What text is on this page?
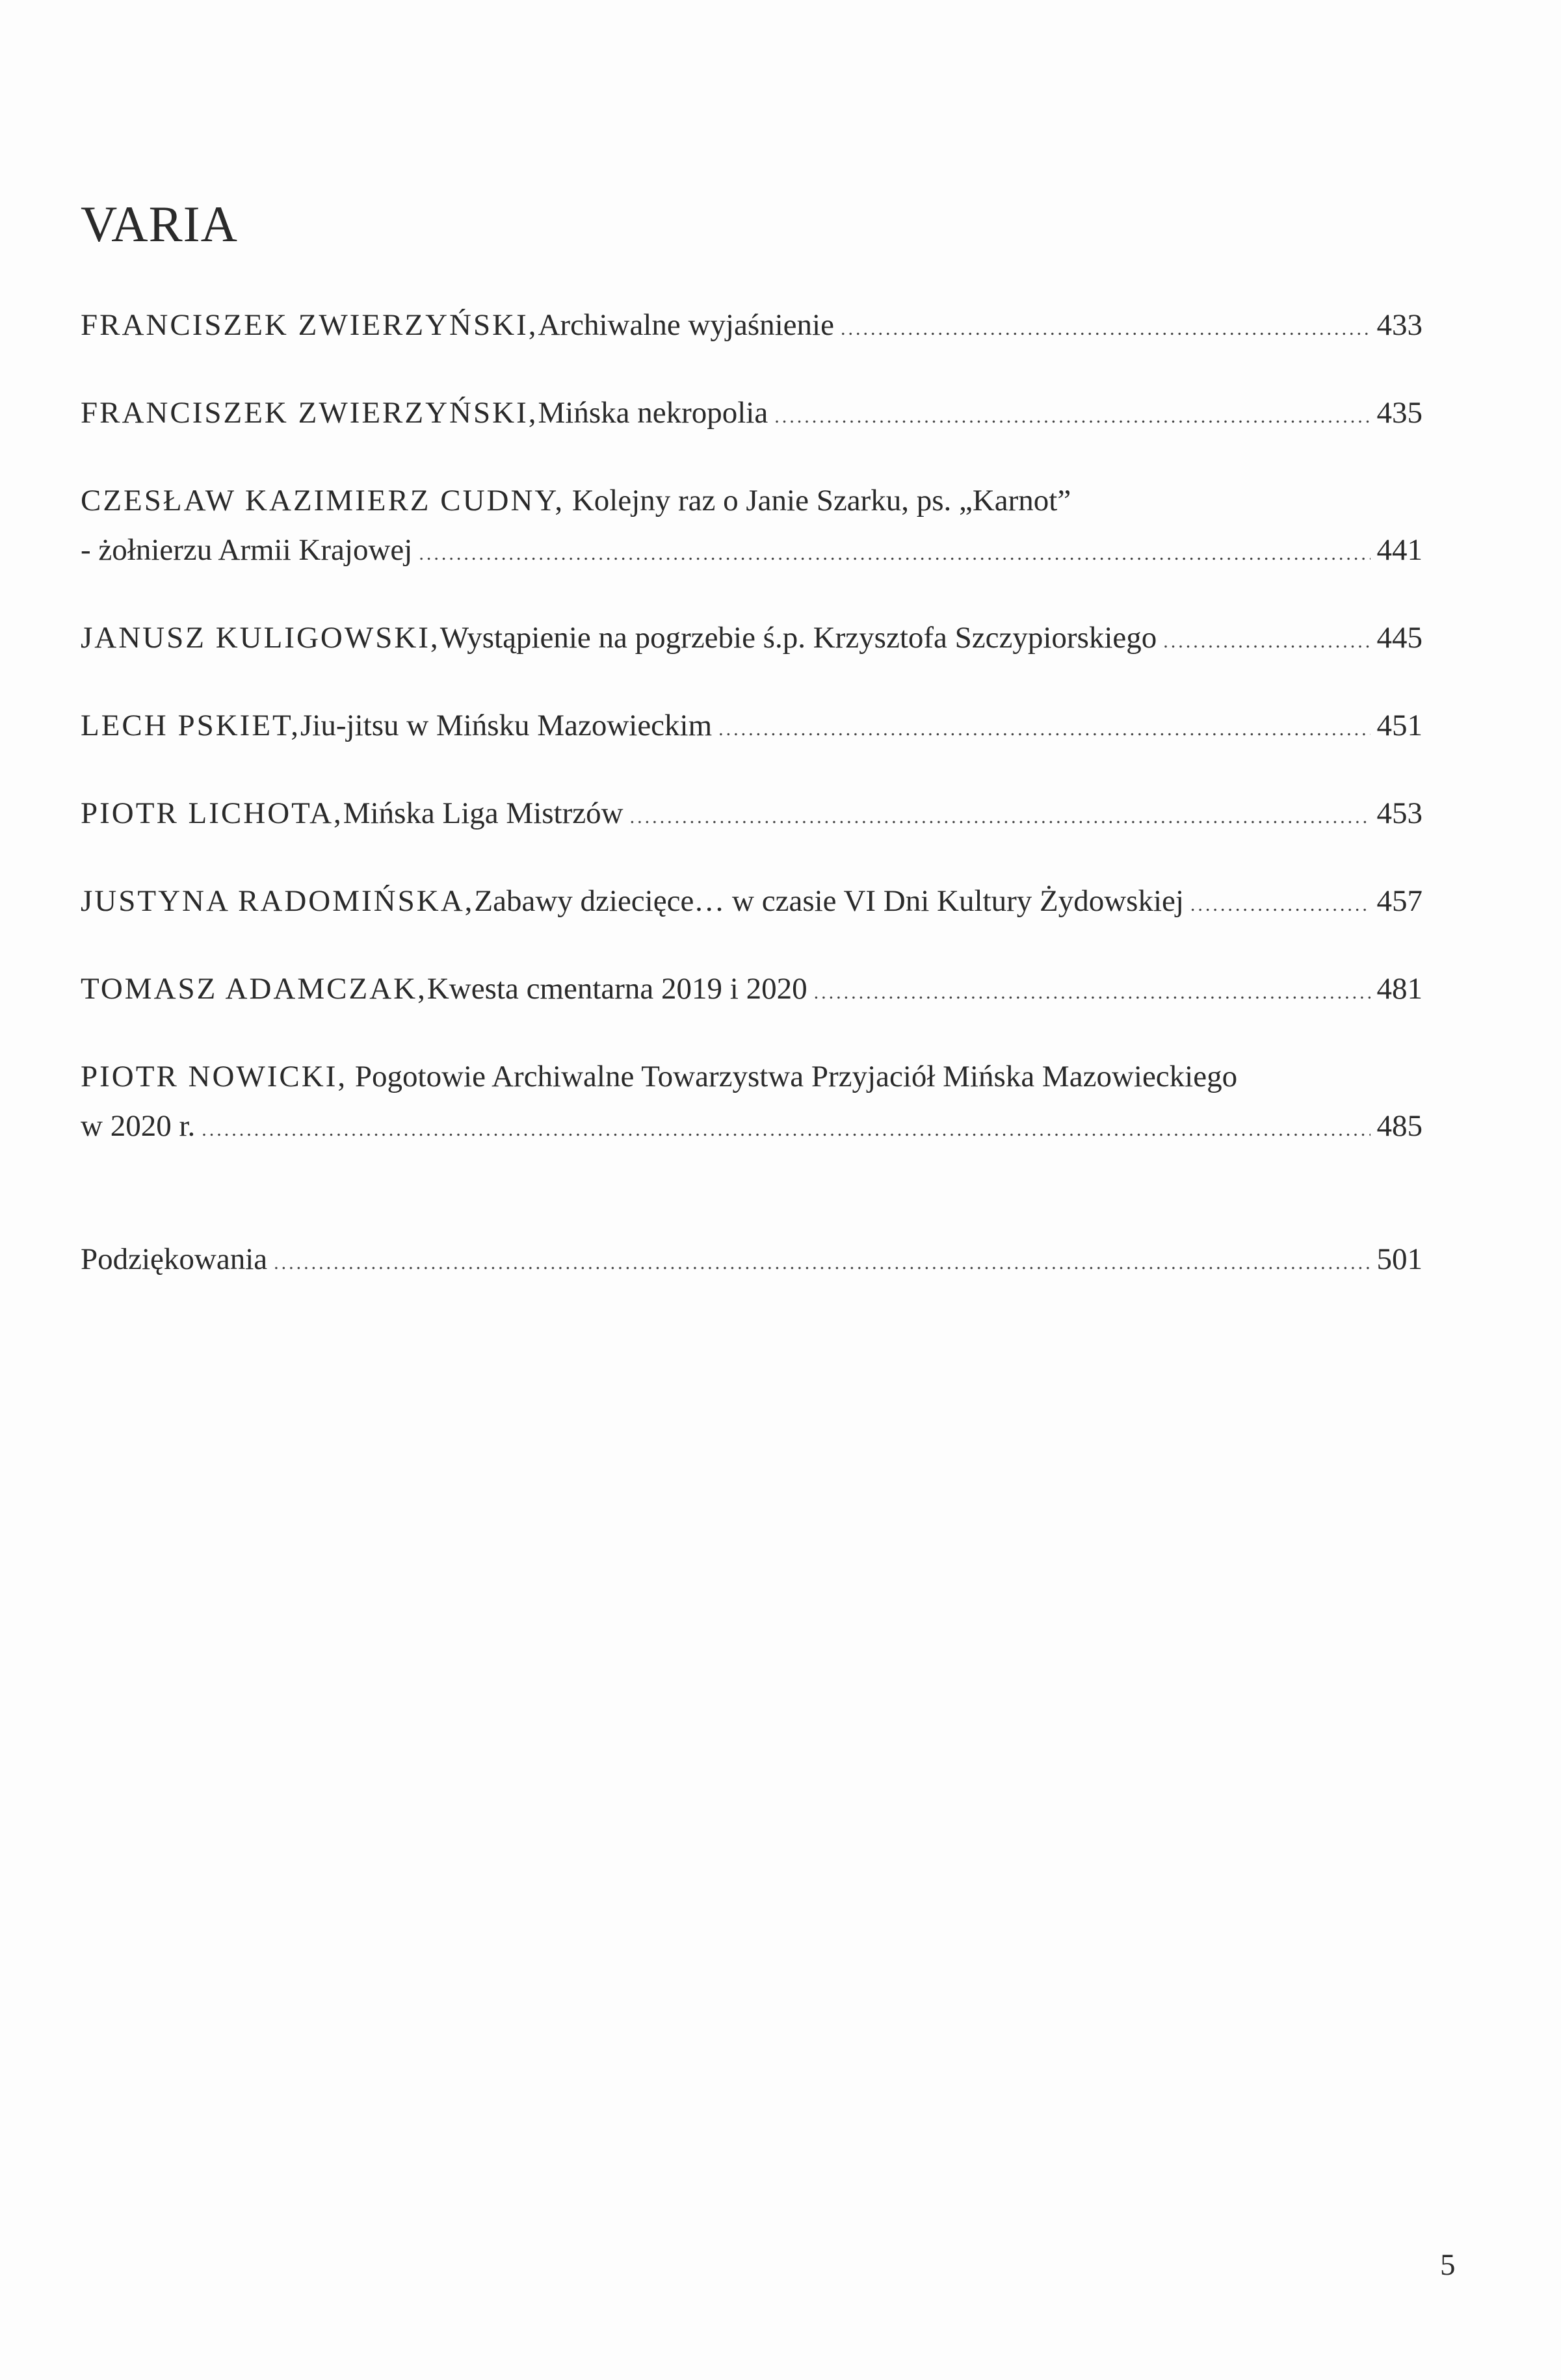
VARIA
FRANCISZEK ZWIERZYŃSKI, Archiwalne wyjaśnienie .....	433
FRANCISZEK ZWIERZYŃSKI, Mińska nekropolia .....	435
CZESŁAW KAZIMIERZ CUDNY, Kolejny raz o Janie Szarku, ps. „Karnot”
- żołnierzu Armii Krajowej .....	441
JANUSZ KULIGOWSKI, Wystąpienie na pogrzebie ś.p. Krzysztofa Szczypiorskiego .....	445
LECH PSKIET, Jiu-jitsu w Mińsku Mazowieckim .....	451
PIOTR LICHOTA, Mińska Liga Mistrzów .....	453
JUSTYNA RADOMIŃSKA, Zabawy dziecięce… w czasie VI Dni Kultury Żydowskiej .....	457
TOMASZ ADAMCZAK, Kwesta cmentarna 2019 i 2020 .....	481
PIOTR NOWICKI, Pogotowie Archiwalne Towarzystwa Przyjaciół Mińska Mazowieckiego
w 2020 r. .....	485
Podziękowania .....	501
5
